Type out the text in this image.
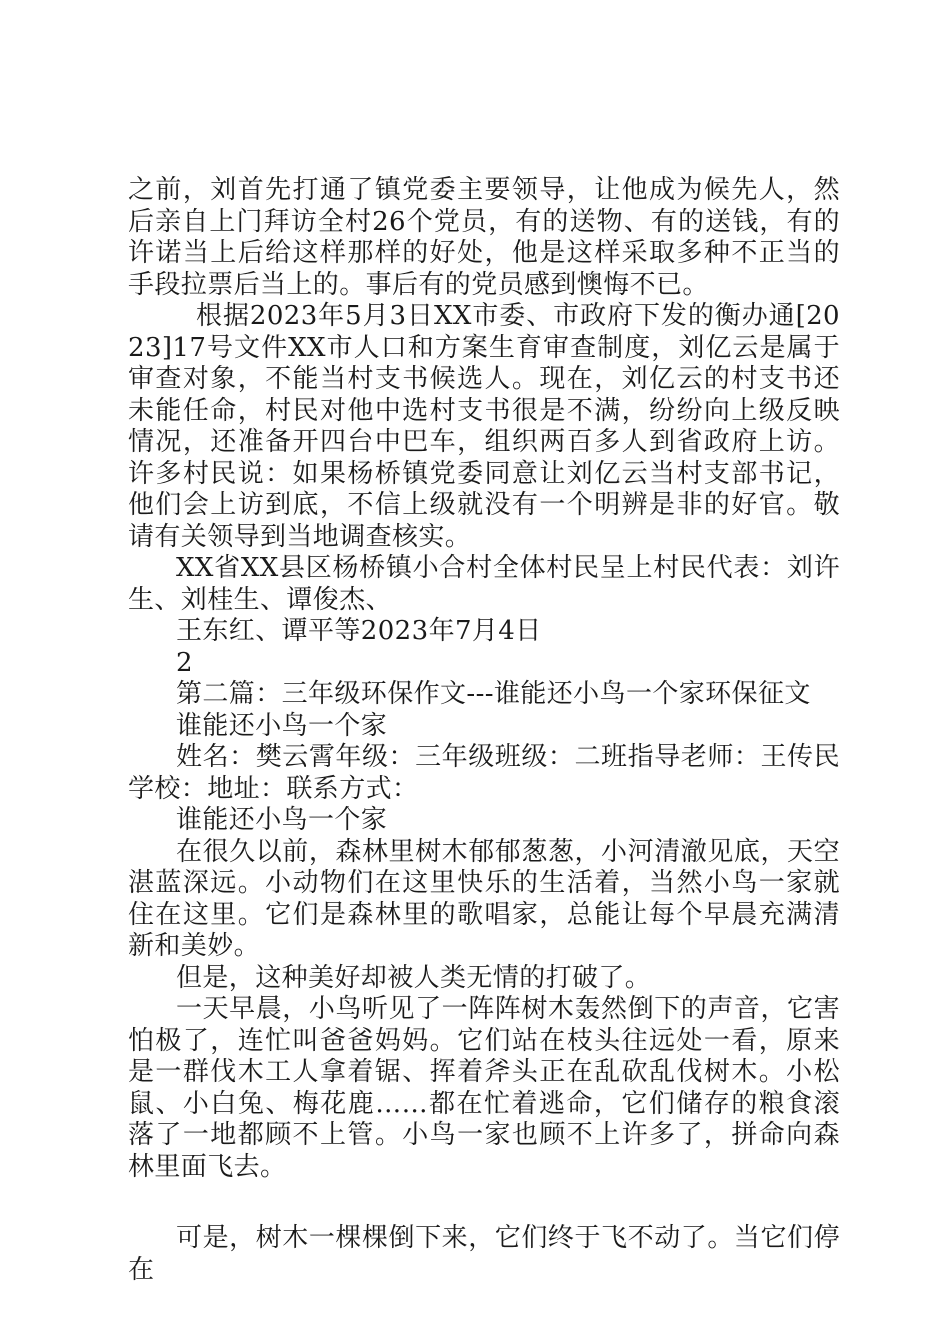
之前，刘首先打通了镇党委主要领导，让他成为候先人，然后亲自上门拜访全村26个党员，有的送物、有的送钱，有的许诺当上后给这样那样的好处，他是这样采取多种不正当的手段拉票后当上的。事后有的党员感到懊悔不已。

根据2023年5月3日XX市委、市政府下发的衡办通[2023]17号文件XX市人口和方案生育审查制度，刘亿云是属于审查对象，不能当村支书候选人。现在，刘亿云的村支书还未能任命，村民对他中选村支书很是不满，纷纷向上级反映情况，还准备开四台中巴车，组织两百多人到省政府上访。许多村民说：如果杨桥镇党委同意让刘亿云当村支部书记，他们会上访到底，不信上级就没有一个明辨是非的好官。敬请有关领导到当地调查核实。

XX省XX县区杨桥镇小合村全体村民呈上村民代表：刘许生、刘桂生、谭俊杰、

王东红、谭平等2023年7月4日

2

第二篇：三年级环保作文---谁能还小鸟一个家环保征文

谁能还小鸟一个家

姓名：樊云霄年级：三年级班级：二班指导老师：王传民学校：地址：联系方式：

谁能还小鸟一个家

在很久以前，森林里树木郁郁葱葱，小河清澈见底，天空湛蓝深远。小动物们在这里快乐的生活着，当然小鸟一家就住在这里。它们是森林里的歌唱家，总能让每个早晨充满清新和美妙。

但是，这种美好却被人类无情的打破了。

一天早晨，小鸟听见了一阵阵树木轰然倒下的声音，它害怕极了，连忙叫爸爸妈妈。它们站在枝头往远处一看，原来是一群伐木工人拿着锯、挥着斧头正在乱砍乱伐树木。小松鼠、小白兔、梅花鹿……都在忙着逃命，它们储存的粮食滚落了一地都顾不上管。小鸟一家也顾不上许多了，拼命向森林里面飞去。

可是，树木一棵棵倒下来，它们终于飞不动了。当它们停在
